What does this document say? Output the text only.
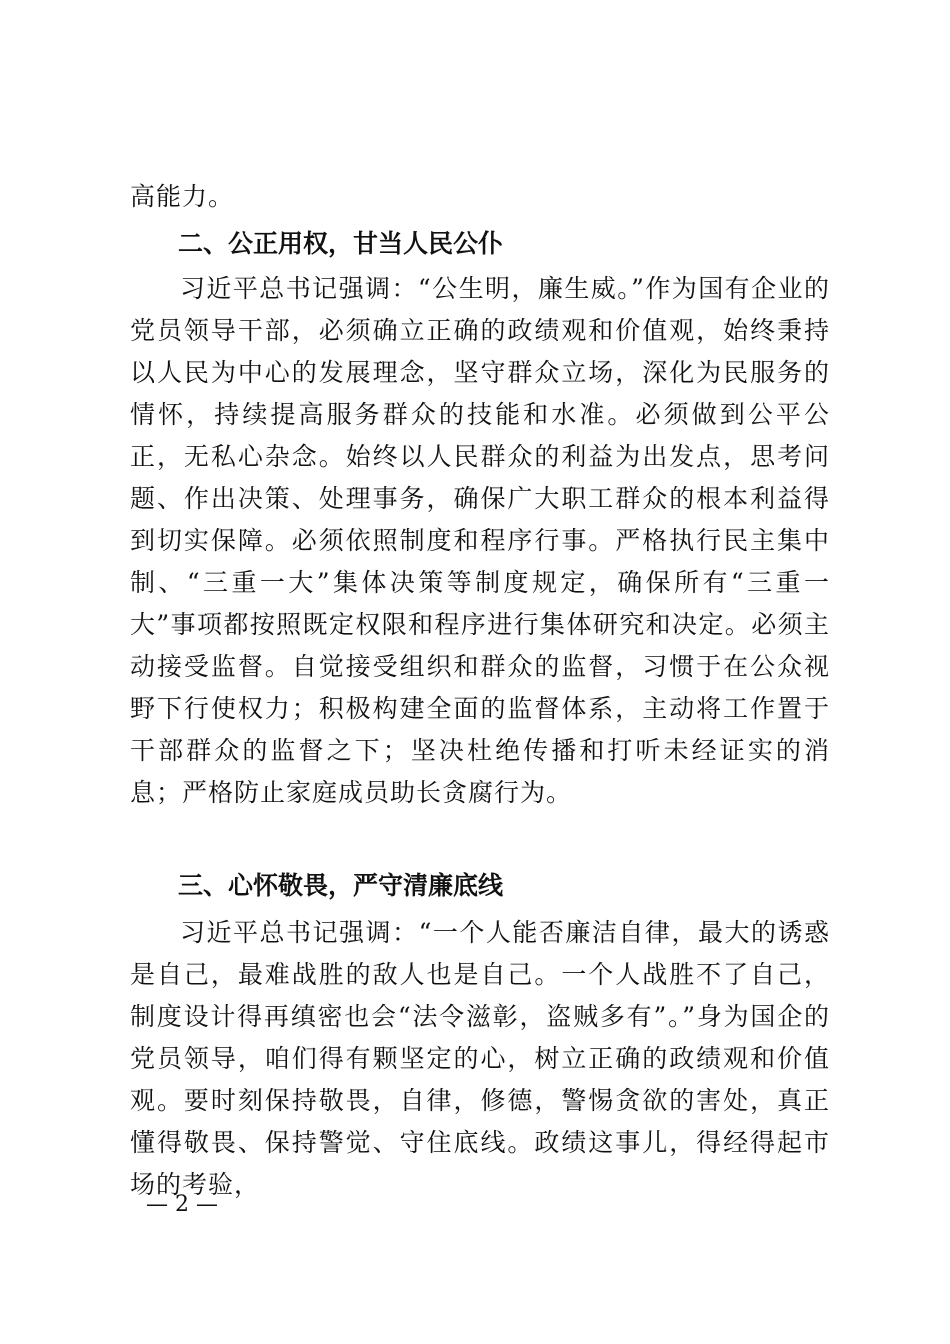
高能力。
二、公正用权，甘当人民公仆

习近平总书记强调：“公生明，廉生威。”作为国有企业的党员领导干部，必须确立正确的政绩观和价值观，始终秉持以人民为中心的发展理念，坚守群众立场，深化为民服务的情怀，持续提高服务群众的技能和水准。必须做到公平公正，无私心杂念。始终以人民群众的利益为出发点，思考问题、作出决策、处理事务，确保广大职工群众的根本利益得到切实保障。必须依照制度和程序行事。严格执行民主集中制、“三重一大”集体决策等制度规定，确保所有“三重一大”事项都按照既定权限和程序进行集体研究和决定。必须主动接受监督。自觉接受组织和群众的监督，习惯于在公众视野下行使权力；积极构建全面的监督体系，主动将工作置于干部群众的监督之下；坚决杜绝传播和打听未经证实的消息；严格防止家庭成员助长贪腐行为。

三、心怀敬畏，严守清廉底线

习近平总书记强调：“一个人能否廉洁自律，最大的诱惑是自己，最难战胜的敌人也是自己。一个人战胜不了自己，制度设计得再缜密也会“法令滋彰，盗贼多有”。”身为国企的党员领导，咱们得有颗坚定的心，树立正确的政绩观和价值观。要时刻保持敬畏，自律，修德，警惕贪欲的害处，真正懂得敬畏、保持警觉、守住底线。政绩这事儿，得经得起市场的考验，

— 2 —
